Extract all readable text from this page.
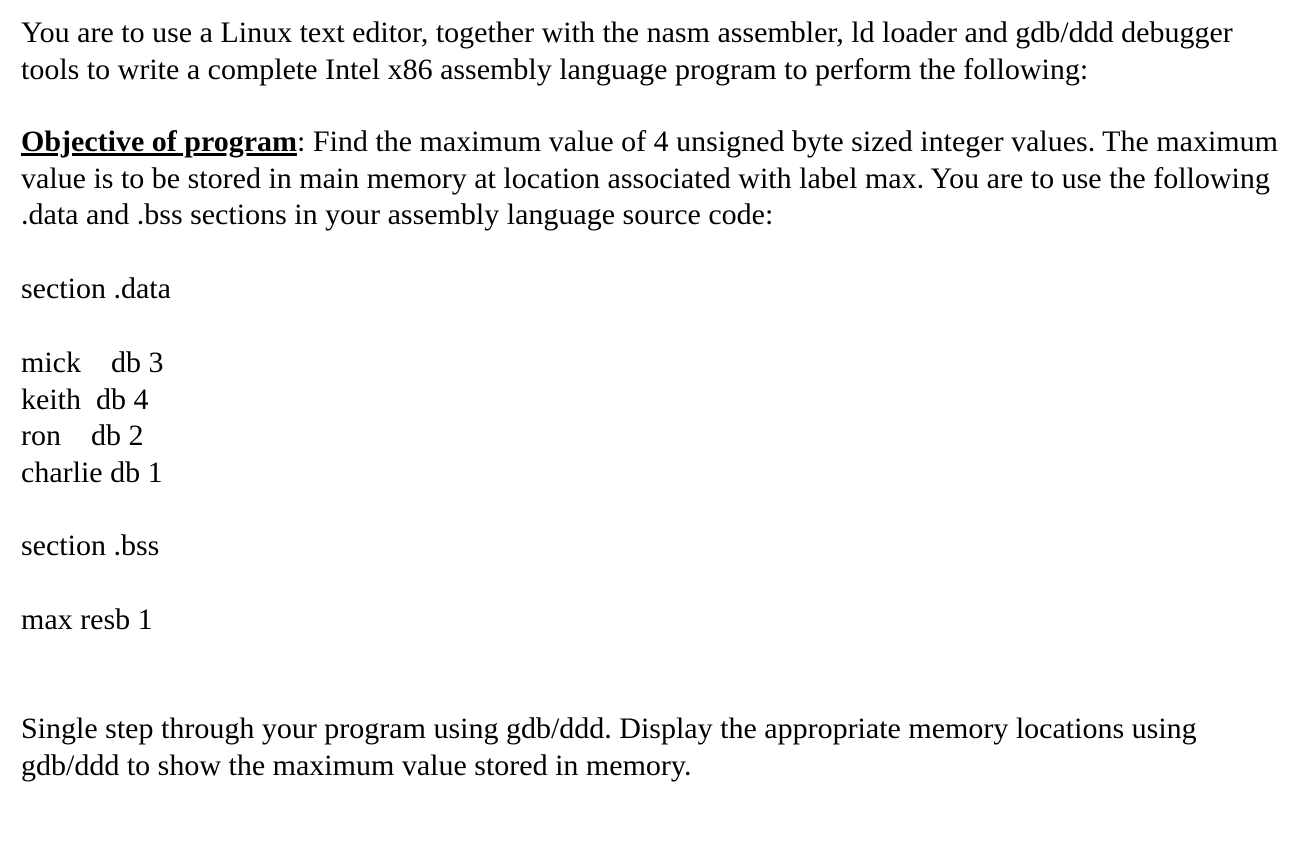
You are to use a Linux text editor, together with the nasm assembler, ld loader and gdb/ddd debugger tools to write a complete Intel x86 assembly language program to perform the following:

Objective of program: Find the maximum value of 4 unsigned byte sized integer values. The maximum value is to be stored in main memory at location associated with label max. You are to use the following .data and .bss sections in your assembly language source code:

section .data

mick    db 3

keith  db 4

ron    db 2

charlie db 1

section .bss

max resb 1

Single step through your program using gdb/ddd. Display the appropriate memory locations using gdb/ddd to show the maximum value stored in memory.
